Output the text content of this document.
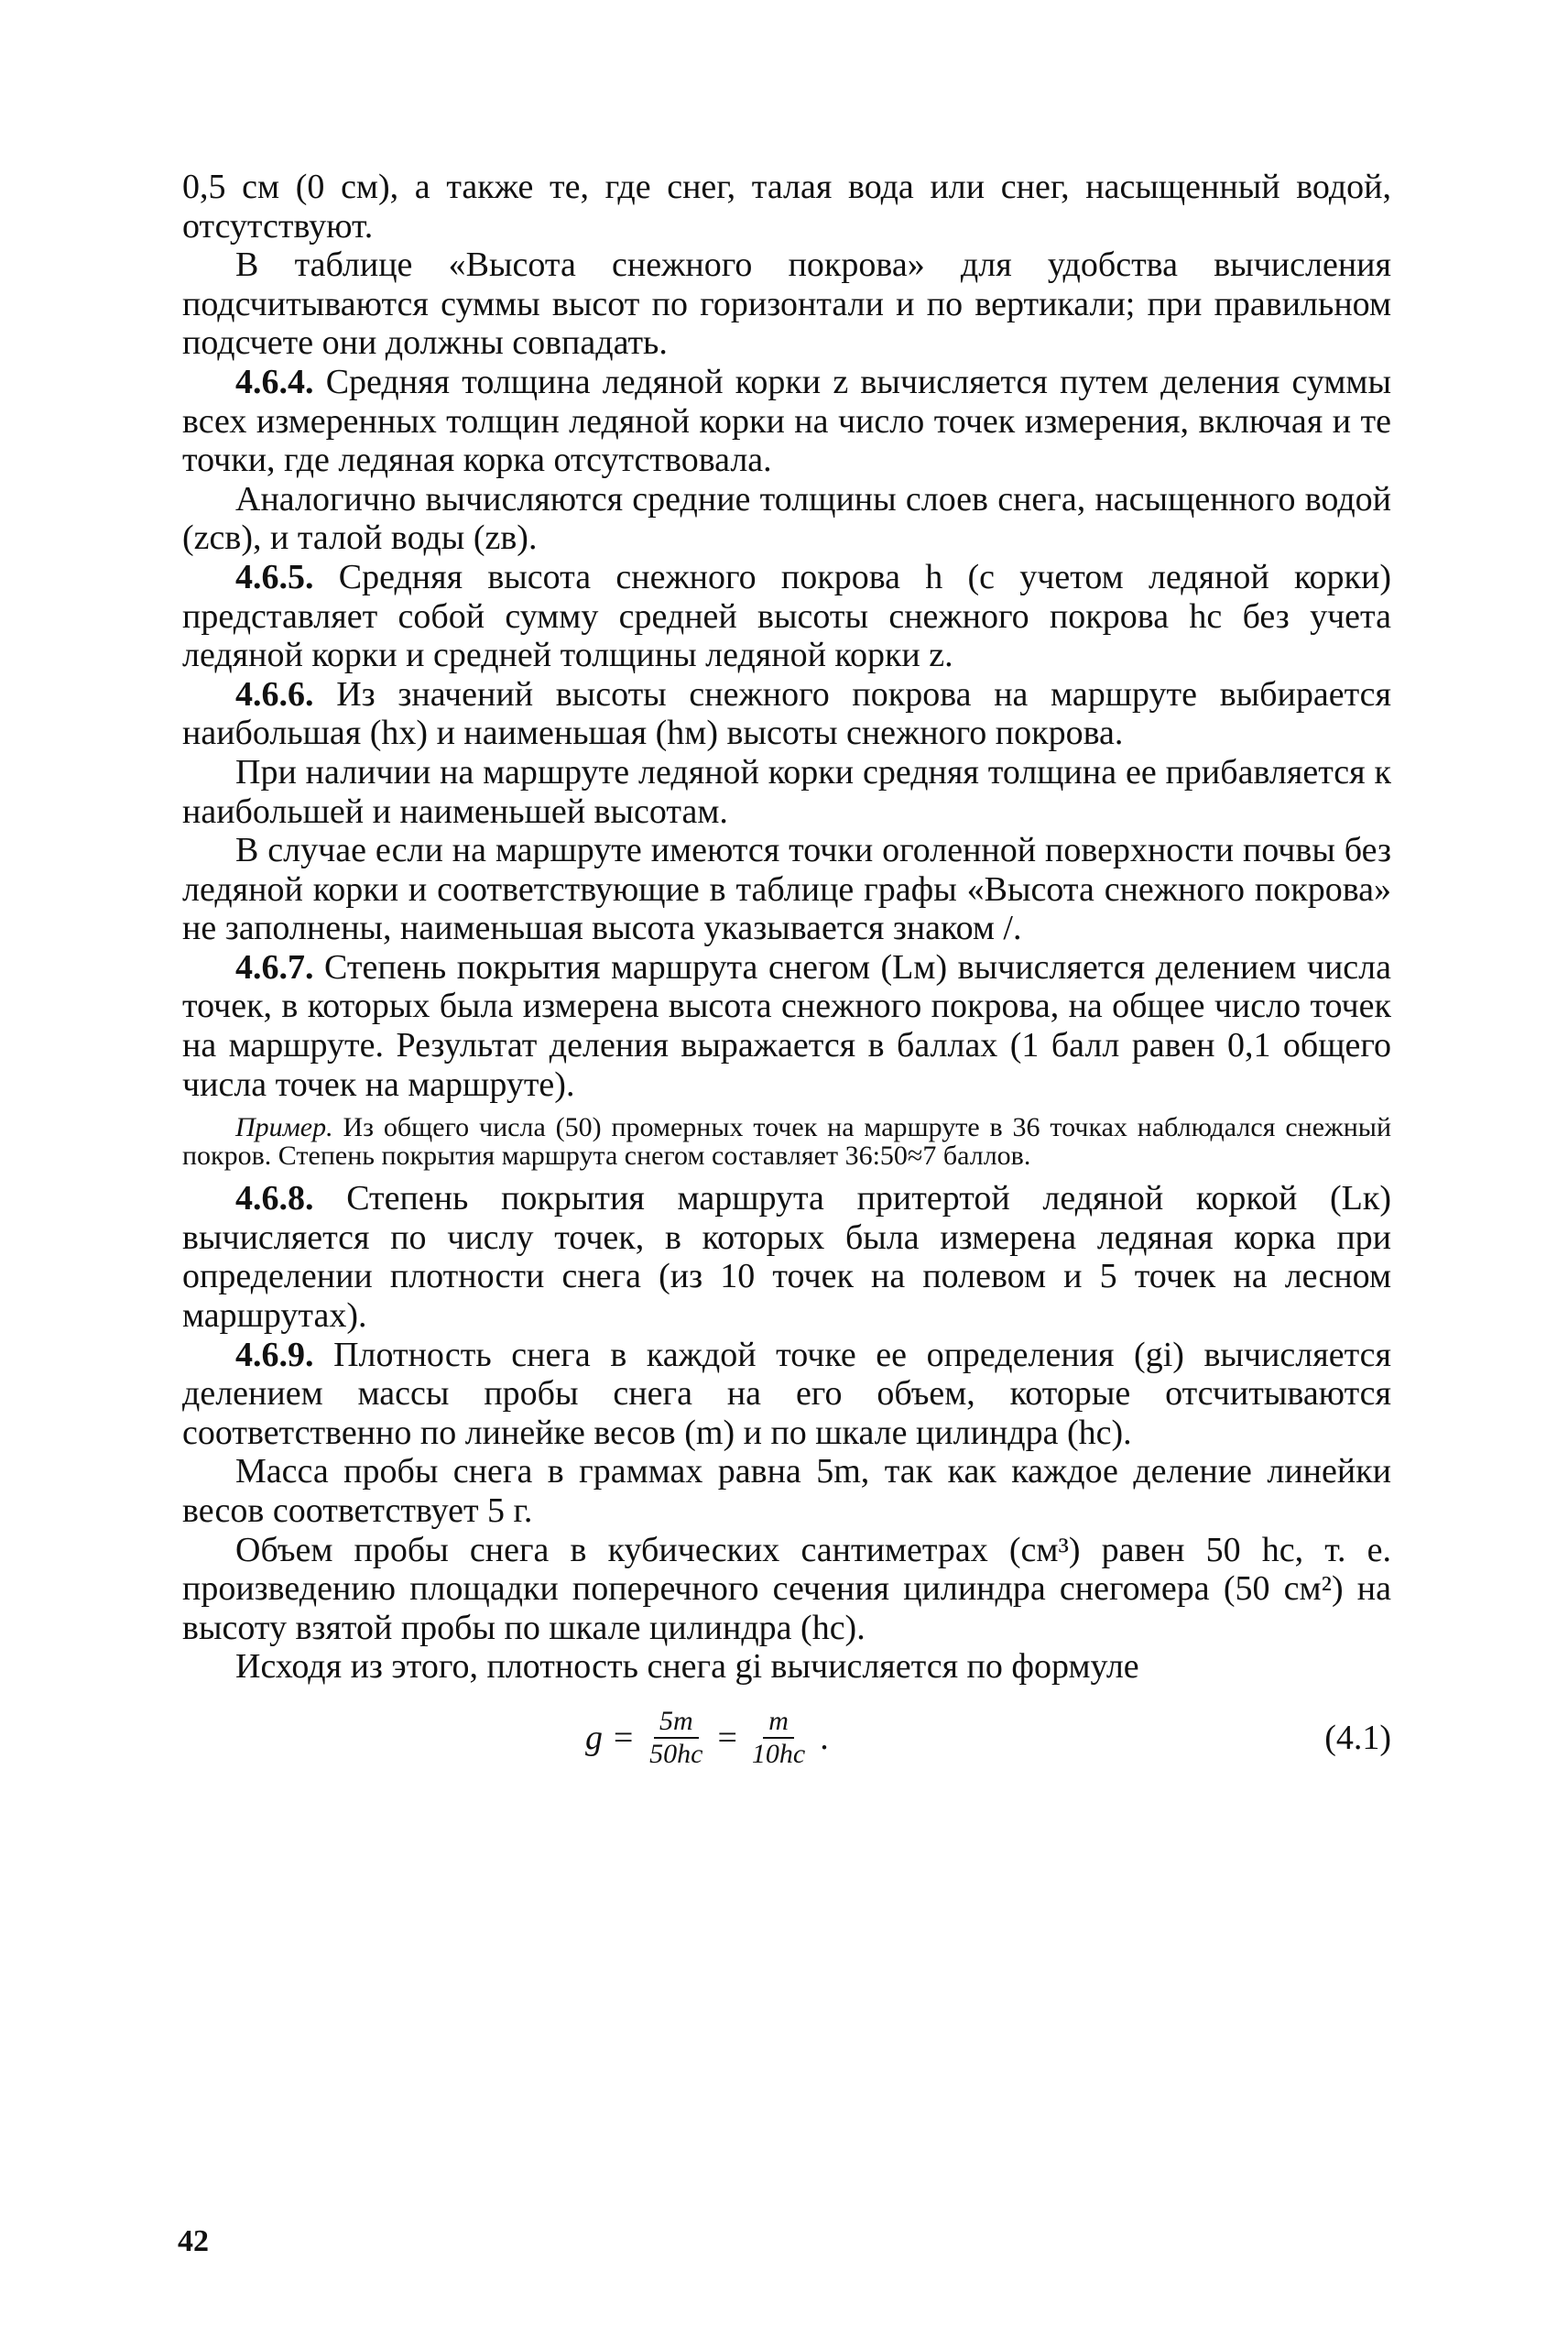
0,5 см (0 см), а также те, где снег, талая вода или снег, насыщенный водой, отсутствуют.

В таблице «Высота снежного покрова» для удобства вычисления подсчитываются суммы высот по горизонтали и по вертикали; при правильном подсчете они должны совпадать.

4.6.4. Средняя толщина ледяной корки z вычисляется путем деления суммы всех измеренных толщин ледяной корки на число точек измерения, включая и те точки, где ледяная корка отсутствовала.

Аналогично вычисляются средние толщины слоев снега, насыщенного водой (zсв), и талой воды (zв).

4.6.5. Средняя высота снежного покрова h (с учетом ледяной корки) представляет собой сумму средней высоты снежного покрова hс без учета ледяной корки и средней толщины ледяной корки z.

4.6.6. Из значений высоты снежного покрова на маршруте выбирается наибольшая (hx) и наименьшая (hм) высоты снежного покрова.

При наличии на маршруте ледяной корки средняя толщина ее прибавляется к наибольшей и наименьшей высотам.

В случае если на маршруте имеются точки оголенной поверхности почвы без ледяной корки и соответствующие в таблице графы «Высота снежного покрова» не заполнены, наименьшая высота указывается знаком /.

4.6.7. Степень покрытия маршрута снегом (Lм) вычисляется делением числа точек, в которых была измерена высота снежного покрова, на общее число точек на маршруте. Результат деления выражается в баллах (1 балл равен 0,1 общего числа точек на маршруте).

Пример. Из общего числа (50) промерных точек на маршруте в 36 точках наблюдался снежный покров. Степень покрытия маршрута снегом составляет 36:50≈7 баллов.

4.6.8. Степень покрытия маршрута притертой ледяной коркой (Lк) вычисляется по числу точек, в которых была измерена ледяная корка при определении плотности снега (из 10 точек на полевом и 5 точек на лесном маршрутах).

4.6.9. Плотность снега в каждой точке ее определения (gi) вычисляется делением массы пробы снега на его объем, которые отсчитываются соответственно по линейке весов (m) и по шкале цилиндра (hс).

Масса пробы снега в граммах равна 5m, так как каждое деление линейки весов соответствует 5 г.

Объем пробы снега в кубических сантиметрах (см³) равен 50 hс, т. е. произведению площадки поперечного сечения цилиндра снегомера (50 см²) на высоту взятой пробы по шкале цилиндра (hс).

Исходя из этого, плотность снега gi вычисляется по формуле

$g = \frac{5m}{50hс} = \frac{m}{10hс}$ .	(4.1)
42
